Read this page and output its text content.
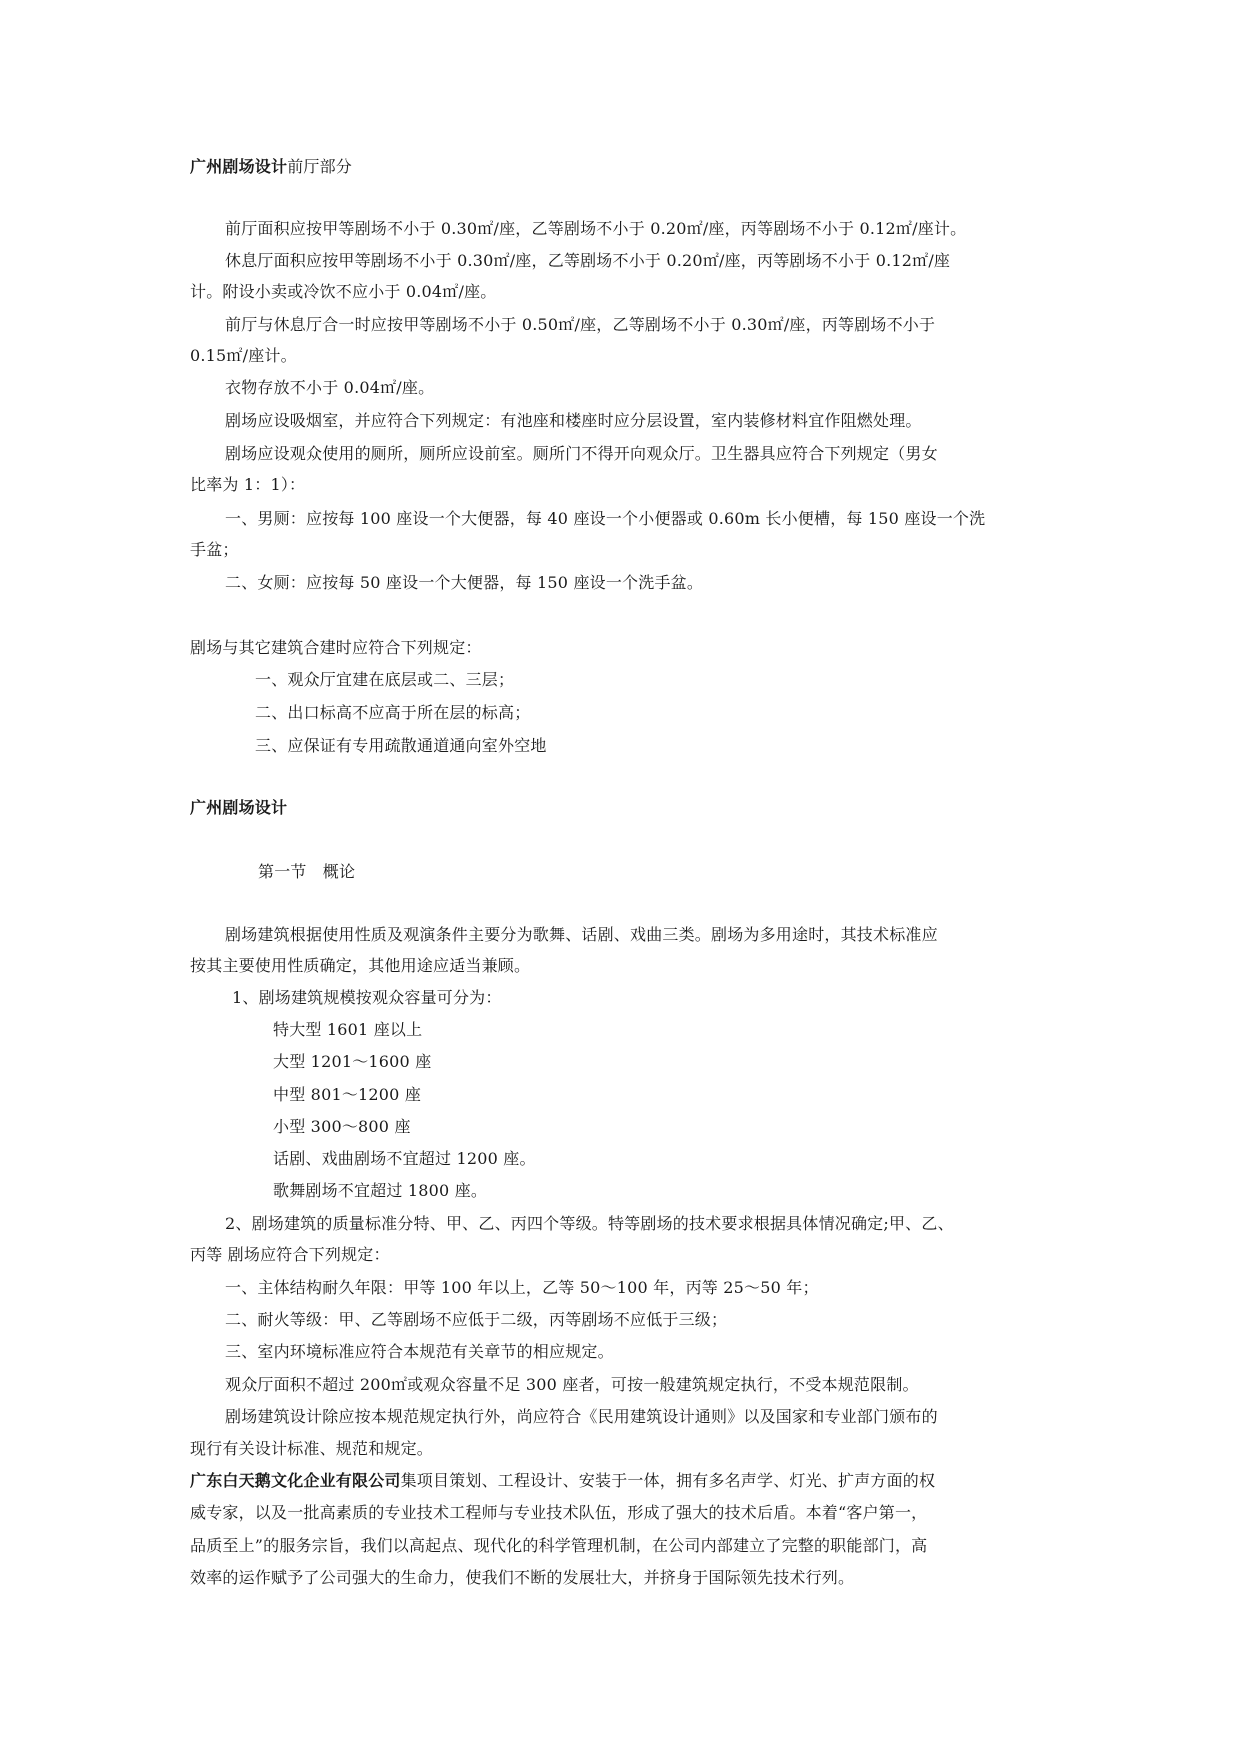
广州剧场设计前厅部分
前厅面积应按甲等剧场不小于 0.30㎡/座，乙等剧场不小于 0.20㎡/座，丙等剧场不小于 0.12㎡/座计。
休息厅面积应按甲等剧场不小于 0.30㎡/座，乙等剧场不小于 0.20㎡/座，丙等剧场不小于 0.12㎡/座
计。附设小卖或冷饮不应小于 0.04㎡/座。
前厅与休息厅合一时应按甲等剧场不小于 0.50㎡/座，乙等剧场不小于 0.30㎡/座，丙等剧场不小于
0.15㎡/座计。
衣物存放不小于 0.04㎡/座。
剧场应设吸烟室，并应符合下列规定：有池座和楼座时应分层设置，室内装修材料宜作阻燃处理。
剧场应设观众使用的厕所，厕所应设前室。厕所门不得开向观众厅。卫生器具应符合下列规定（男女
比率为 1：1）：
一、男厕：应按每 100 座设一个大便器，每 40 座设一个小便器或 0.60m 长小便槽，每 150 座设一个洗
手盆；
二、女厕：应按每 50 座设一个大便器，每 150 座设一个洗手盆。
剧场与其它建筑合建时应符合下列规定：
一、观众厅宜建在底层或二、三层；
二、出口标高不应高于所在层的标高；
三、应保证有专用疏散通道通向室外空地
广州剧场设计
第一节　概论
剧场建筑根据使用性质及观演条件主要分为歌舞、话剧、戏曲三类。剧场为多用途时，其技术标准应
按其主要使用性质确定，其他用途应适当兼顾。
1、剧场建筑规模按观众容量可分为：
特大型 1601 座以上
大型 1201～1600 座
中型 801～1200 座
小型 300～800 座
话剧、戏曲剧场不宜超过 1200 座。
歌舞剧场不宜超过 1800 座。
2、剧场建筑的质量标准分特、甲、乙、丙四个等级。特等剧场的技术要求根据具体情况确定;甲、乙、
丙等 剧场应符合下列规定：
一、主体结构耐久年限：甲等 100 年以上，乙等 50～100 年，丙等 25～50 年；
二、耐火等级：甲、乙等剧场不应低于二级，丙等剧场不应低于三级；
三、室内环境标准应符合本规范有关章节的相应规定。
观众厅面积不超过 200㎡或观众容量不足 300 座者，可按一般建筑规定执行，不受本规范限制。
剧场建筑设计除应按本规范规定执行外，尚应符合《民用建筑设计通则》以及国家和专业部门颁布的
现行有关设计标准、规范和规定。
广东白天鹅文化企业有限公司集项目策划、工程设计、安装于一体，拥有多名声学、灯光、扩声方面的权
威专家，以及一批高素质的专业技术工程师与专业技术队伍，形成了强大的技术后盾。本着“客户第一，
品质至上”的服务宗旨，我们以高起点、现代化的科学管理机制，在公司内部建立了完整的职能部门，高
效率的运作赋予了公司强大的生命力，使我们不断的发展壮大，并挤身于国际领先技术行列。
